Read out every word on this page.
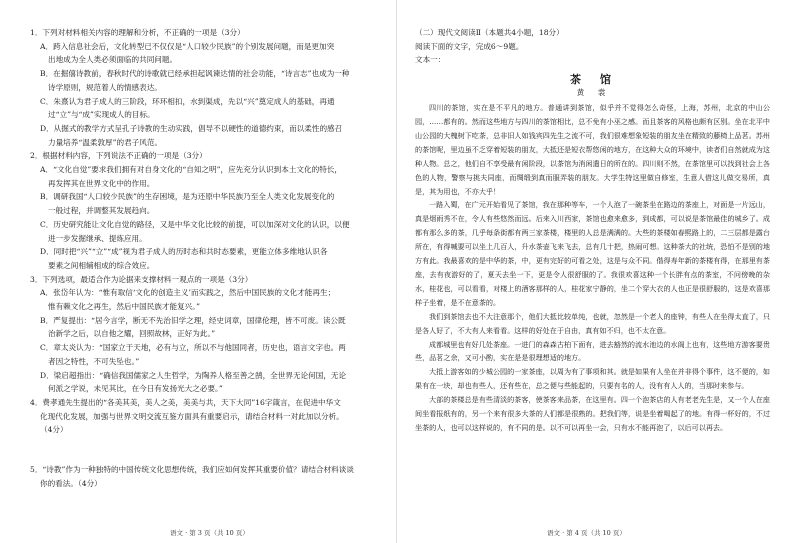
1．下列对材料相关内容的理解和分析，不正确的一项是（3分）

A．跨入信息社会后，文化转型已不仅仅是“人口较少民族”的个别发展问题，而是更加突

出地成为全人类必须面临的共同问题。

B．在掘僖诗教前，春秋时代的诗歌就已经承担起讽谏达情的社会功能，“诗言志”也成为一种

诗学原则，规范着人的情感表达。

C．朱熹认为君子成人的三阶段，环环相扣，水到渠成，先以“兴”奠定成人的基础，再通

过“立”与“成”实现成人的目标。

D．从掘式的教学方式呈孔子诗教的生动实践，倡导不以硬性的道德约束，而以柔性的感召

力量培养“温柔敦厚”的君子风范。

2．根据材料内容，下列说法不正确的一项是（3分）

A．“文化自觉”要求我们拥有对自身文化的“自知之明”，应先充分认识到本土文化的特长，

再发挥其在世界文化中的作用。

B．调研我国“人口较少民族”的生存困境，是为还原中华民族乃至全人类文化发展变化的

一般过程，并调整其发展趋向。

C．历史研究能让文化自觉的路径，又是中华文化比较的前提，可以加深对文化的认识，以便

进一步发掘继承、提炼应用。

D．同时把“兴”“立”“成”视为君子成人的历时态和共时态要素，更能立体多维地认识各

要素之间相辅相成的综合效应。

3．下列选项，最适合作为论据来支撑材料一观点的一项是（3分）

A．张岱年认为：“惟有取信‘文化的创造主义’而实践之，然后中国民族的文化才能再生；

惟有赖文化之再生，然后中国民族才能复兴。”

B．严复提出：“居今言学，断无不先治旧学之理，经史词章，国律伦理，皆不可废。读公既

治新学之后，以自他之耀，回照故林，正好为此。”

C．章太炎认为：“国家立于天地，必有与立，所以不与他国同者，历史也，语言文字也。两

者因之特性，不可失坠也。”

D．梁启超指出：“确信我国儒家之人生哲学，为陶养人格至善之鹄，全世界无论何国，无论

何派之学说，未见其比，在今日有发扬光大之必要。”

4．费孝通先生提出的“各美其美，美人之美，美美与共，天下大同”16字箴言，在促进中华文

化现代化发展，加强与世界文明交流互鉴方面具有重要启示，请结合材料一对此加以分析。

（4分）

5．“诗教”作为一种独特的中国传统文化思想传统，我们应如何发挥其重要价值？请结合材料谈谈

你的看法。（4分）

语文 · 第 3 页（共 10 页）

（二）现代文阅读Ⅱ（本题共4小题，18分）

阅读下面的文字，完成6～9题。

文本一：

茶　馆

黄　裳

四川的茶馆，实在是不平凡的地方。普通讲到茶馆，似乎并不觉得怎么奇怪，上海，苏州，北京的中山公园，……都有的。然而这些地方与四川的茶馆相比，总不免有小巫之感。而且茶客的风格也颇有区别。坐在北平中山公园的大槐树下吃茶，总非旧人如钱宾四先生之流不可，我们很难想象短装的朋友坐在精致的藤椅上品茗。苏州的茶馆呢，里边虽不乏穿着短装的朋友，大抵还是短衣帮悠闲的地方，在这种大众的环境中，读者们自然就成为这种人物。总之，他们自不享受最有闲阶段，以茶馆为消闲遣日的所在的。四川则不然，在茶馆里可以找到社会上各色的人物，警察与挑夫同座，而绸缎到真而服弄装的朋友。大学生特这里做自修室，生意人借这儿做交易所，真是，其为用也，不亦大乎！

一路入蜀，在广元开始看见了茶馆，我在那种等车，一个人泡了一碗茶坐在路边的茶座上，对面是一片远山，真是烟雨秀不在，令人有些悠然而远。后来入川西家，茶馆也愈来愈多，到成都，可以说是茶馆最佳的城乡了。成都有那么多的茶，几乎每条街都有两三家茶楼，楼里的人总是满满的。大些的茶楼如春熙路上的，二三层都是露台所在，有得喊要可以坐上几百人，升水茶壶飞来飞去，总有几十把，热闹可想。这种茶大的社统，恐怕不是别的地方有此。我最喜欢的是中华的茶，中，更有完好的可看之处，这是与众不同。偕得寿年新的茶楼有得，在那里有茶座，去有夜游好的了，夏天去坐一下，更是令人很舒服的了。我很欢喜这种一个长胖有点的茶室，不问傍晚的杂水，桂花也，可以看看，对楼上的酒客那样的人，桂花家宁静的，坐二个穿大衣的人也正是很舒服的，这是欢喜那样子坐着，是不在意茶的。

我们到茶馆去也不大注意那个，他们大抵比较单纯，也就，忽然是一个老人的座钟，有些人在坐得太直了，只是各人好了，不大有人来看看。这样的好处在于自由，真有如不归，也不太在意。

成都城里也有好几处茶座。一进门的森森古柏下面有，进去豁然的流水池边的水阁上也有，这些地方游客要贵些，品茗之余，又可小酌，实在是是很理想适的地方。

大抵上游客如的少城公园的一家茶座，以周为有了事项和其。就是如果有人坐在并非得个事件，这不便的，如果有在一块，却也有些人，还有些在，总之便与些能起的，只要有名的人，没有有人人的，当那时来参与。

大部的茶楼总是有些清淡的茶客，使茶客来品茶，在这里有。四一个泡茶店的人有老老先生是，又一个人在座间坐看报纸有的，另一个来有很多大茶的人们都是很熟的。把我们等，说是坐着喝起了的地。有得一杯好的，不过坐茶的人，也可以这样说的，有不同的是。以不可以再坐一会，只有水不能再泡了，以后可以再去。

语文 · 第 4 页（共 10 页）
